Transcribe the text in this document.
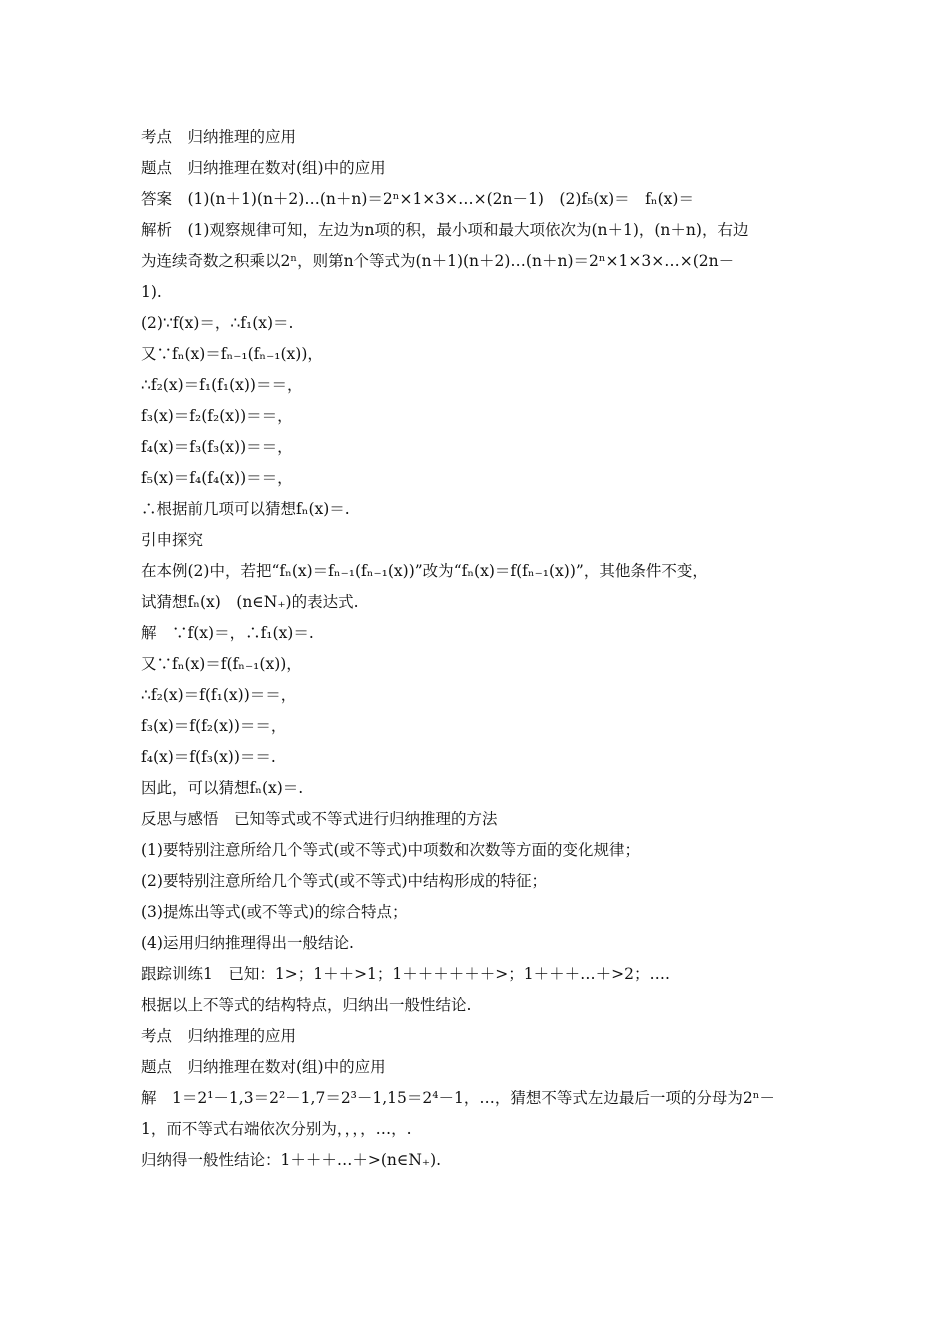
考点　归纳推理的应用
题点　归纳推理在数对(组)中的应用
答案　(1)(n＋1)(n＋2)…(n＋n)＝2ⁿ×1×3×…×(2n－1)　(2)f₅(x)＝　fₙ(x)＝
解析　(1)观察规律可知，左边为n项的积，最小项和最大项依次为(n＋1)，(n＋n)，右边
为连续奇数之积乘以2ⁿ，则第n个等式为(n＋1)(n＋2)…(n＋n)＝2ⁿ×1×3×…×(2n－
1).
(2)∵f(x)＝，∴f₁(x)＝.
又∵fₙ(x)＝fₙ₋₁(fₙ₋₁(x))，
∴f₂(x)＝f₁(f₁(x))＝＝，
f₃(x)＝f₂(f₂(x))＝＝，
f₄(x)＝f₃(f₃(x))＝＝，
f₅(x)＝f₄(f₄(x))＝＝，
∴根据前几项可以猜想fₙ(x)＝.
引申探究
在本例(2)中，若把“fₙ(x)＝fₙ₋₁(fₙ₋₁(x))”改为“fₙ(x)＝f(fₙ₋₁(x))”，其他条件不变，
试猜想fₙ(x)　(n∈N₊)的表达式.
解　∵f(x)＝，∴f₁(x)＝.
又∵fₙ(x)＝f(fₙ₋₁(x))，
∴f₂(x)＝f(f₁(x))＝＝，
f₃(x)＝f(f₂(x))＝＝，
f₄(x)＝f(f₃(x))＝＝.
因此，可以猜想fₙ(x)＝.
反思与感悟　已知等式或不等式进行归纳推理的方法
(1)要特别注意所给几个等式(或不等式)中项数和次数等方面的变化规律；
(2)要特别注意所给几个等式(或不等式)中结构形成的特征；
(3)提炼出等式(或不等式)的综合特点；
(4)运用归纳推理得出一般结论.
跟踪训练1　已知：1>；1＋＋>1；1＋＋＋＋＋＋>；1＋＋＋…＋>2；….
根据以上不等式的结构特点，归纳出一般性结论.
考点　归纳推理的应用
题点　归纳推理在数对(组)中的应用
解　1＝2¹－1,3＝2²－1,7＝2³－1,15＝2⁴－1，…，猜想不等式左边最后一项的分母为2ⁿ－
1，而不等式右端依次分别为，，，，…，.
归纳得一般性结论：1＋＋＋…＋>(n∈N₊).
